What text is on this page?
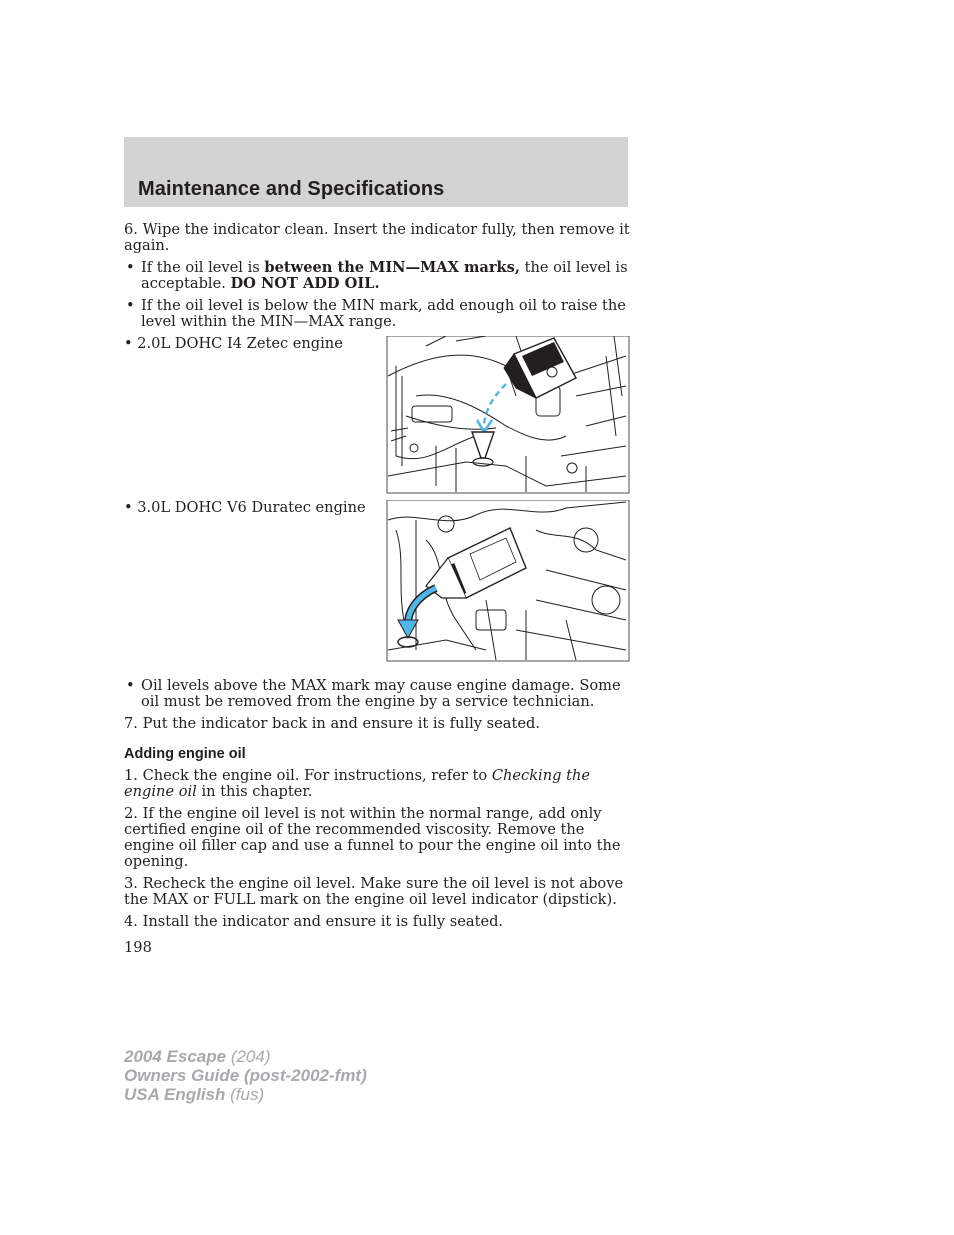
Maintenance and Specifications

6. Wipe the indicator clean. Insert the indicator fully, then remove it again.

• If the oil level is between the MIN—MAX marks, the oil level is acceptable. DO NOT ADD OIL.

• If the oil level is below the MIN mark, add enough oil to raise the level within the MIN—MAX range.

• 2.0L DOHC I4 Zetec engine
• 3.0L DOHC V6 Duratec engine

• Oil levels above the MAX mark may cause engine damage. Some oil must be removed from the engine by a service technician.

7. Put the indicator back in and ensure it is fully seated.

Adding engine oil

1. Check the engine oil. For instructions, refer to Checking the engine oil in this chapter.

2. If the engine oil level is not within the normal range, add only certified engine oil of the recommended viscosity. Remove the engine oil filler cap and use a funnel to pour the engine oil into the opening.

3. Recheck the engine oil level. Make sure the oil level is not above the MAX or FULL mark on the engine oil level indicator (dipstick).

4. Install the indicator and ensure it is fully seated.

198

2004 Escape (204)
Owners Guide (post-2002-fmt)
USA English (fus)
